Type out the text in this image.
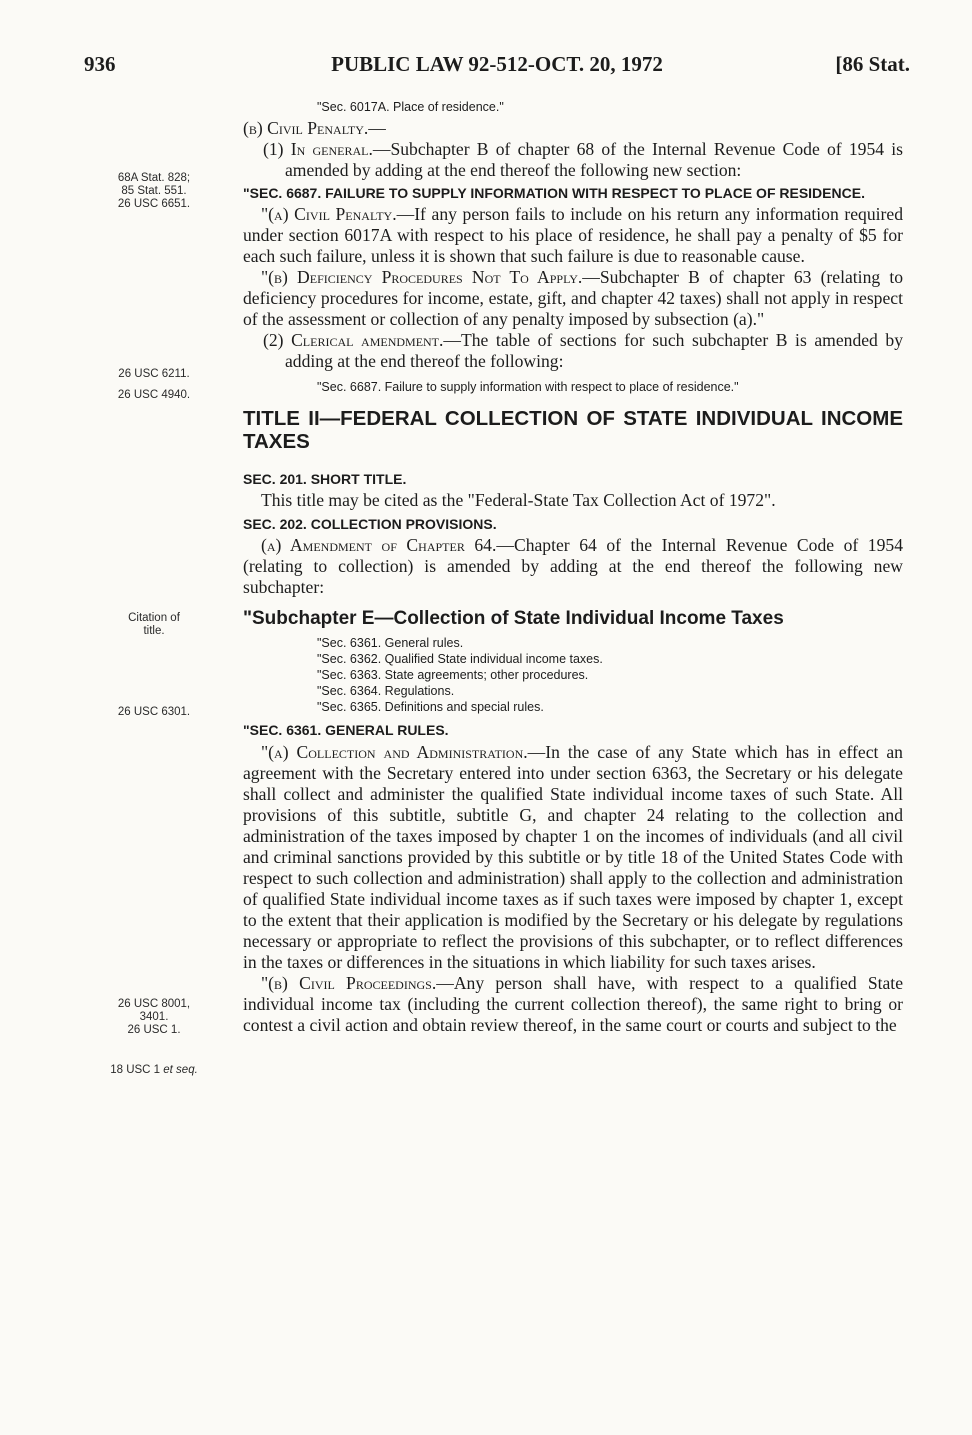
936	PUBLIC LAW 92-512-OCT. 20, 1972	[86 Stat.
68A Stat. 828;
85 Stat. 551.
26 USC 6651.
26 USC 6211.
26 USC 4940.
Citation of
title.
26 USC 6301.
26 USC 8001,
3401.
26 USC 1.
18 USC 1 et seq.

"Sec. 6017A. Place of residence."

(b) Civil Penalty.—

(1) In general.—Subchapter B of chapter 68 of the Internal Revenue Code of 1954 is amended by adding at the end thereof the following new section:

"SEC. 6687. FAILURE TO SUPPLY INFORMATION WITH RESPECT TO PLACE OF RESIDENCE.

"(a) Civil Penalty.—If any person fails to include on his return any information required under section 6017A with respect to his place of residence, he shall pay a penalty of $5 for each such failure, unless it is shown that such failure is due to reasonable cause.

"(b) Deficiency Procedures Not To Apply.—Subchapter B of chapter 63 (relating to deficiency procedures for income, estate, gift, and chapter 42 taxes) shall not apply in respect of the assessment or collection of any penalty imposed by subsection (a)."

(2) Clerical amendment.—The table of sections for such subchapter B is amended by adding at the end thereof the following:

"Sec. 6687. Failure to supply information with respect to place of residence."

TITLE II—FEDERAL COLLECTION OF STATE INDIVIDUAL INCOME TAXES

SEC. 201. SHORT TITLE.

This title may be cited as the "Federal-State Tax Collection Act of 1972".

SEC. 202. COLLECTION PROVISIONS.

(a) Amendment of Chapter 64.—Chapter 64 of the Internal Revenue Code of 1954 (relating to collection) is amended by adding at the end thereof the following new subchapter:

"Subchapter E—Collection of State Individual Income Taxes

"Sec. 6361. General rules.
"Sec. 6362. Qualified State individual income taxes.
"Sec. 6363. State agreements; other procedures.
"Sec. 6364. Regulations.
"Sec. 6365. Definitions and special rules.

"SEC. 6361. GENERAL RULES.

"(a) Collection and Administration.—In the case of any State which has in effect an agreement with the Secretary entered into under section 6363, the Secretary or his delegate shall collect and administer the qualified State individual income taxes of such State. All provisions of this subtitle, subtitle G, and chapter 24 relating to the collection and administration of the taxes imposed by chapter 1 on the incomes of individuals (and all civil and criminal sanctions provided by this subtitle or by title 18 of the United States Code with respect to such collection and administration) shall apply to the collection and administration of qualified State individual income taxes as if such taxes were imposed by chapter 1, except to the extent that their application is modified by the Secretary or his delegate by regulations necessary or appropriate to reflect the provisions of this subchapter, or to reflect differences in the taxes or differences in the situations in which liability for such taxes arises.

"(b) Civil Proceedings.—Any person shall have, with respect to a qualified State individual income tax (including the current collection thereof), the same right to bring or contest a civil action and obtain review thereof, in the same court or courts and subject to the
